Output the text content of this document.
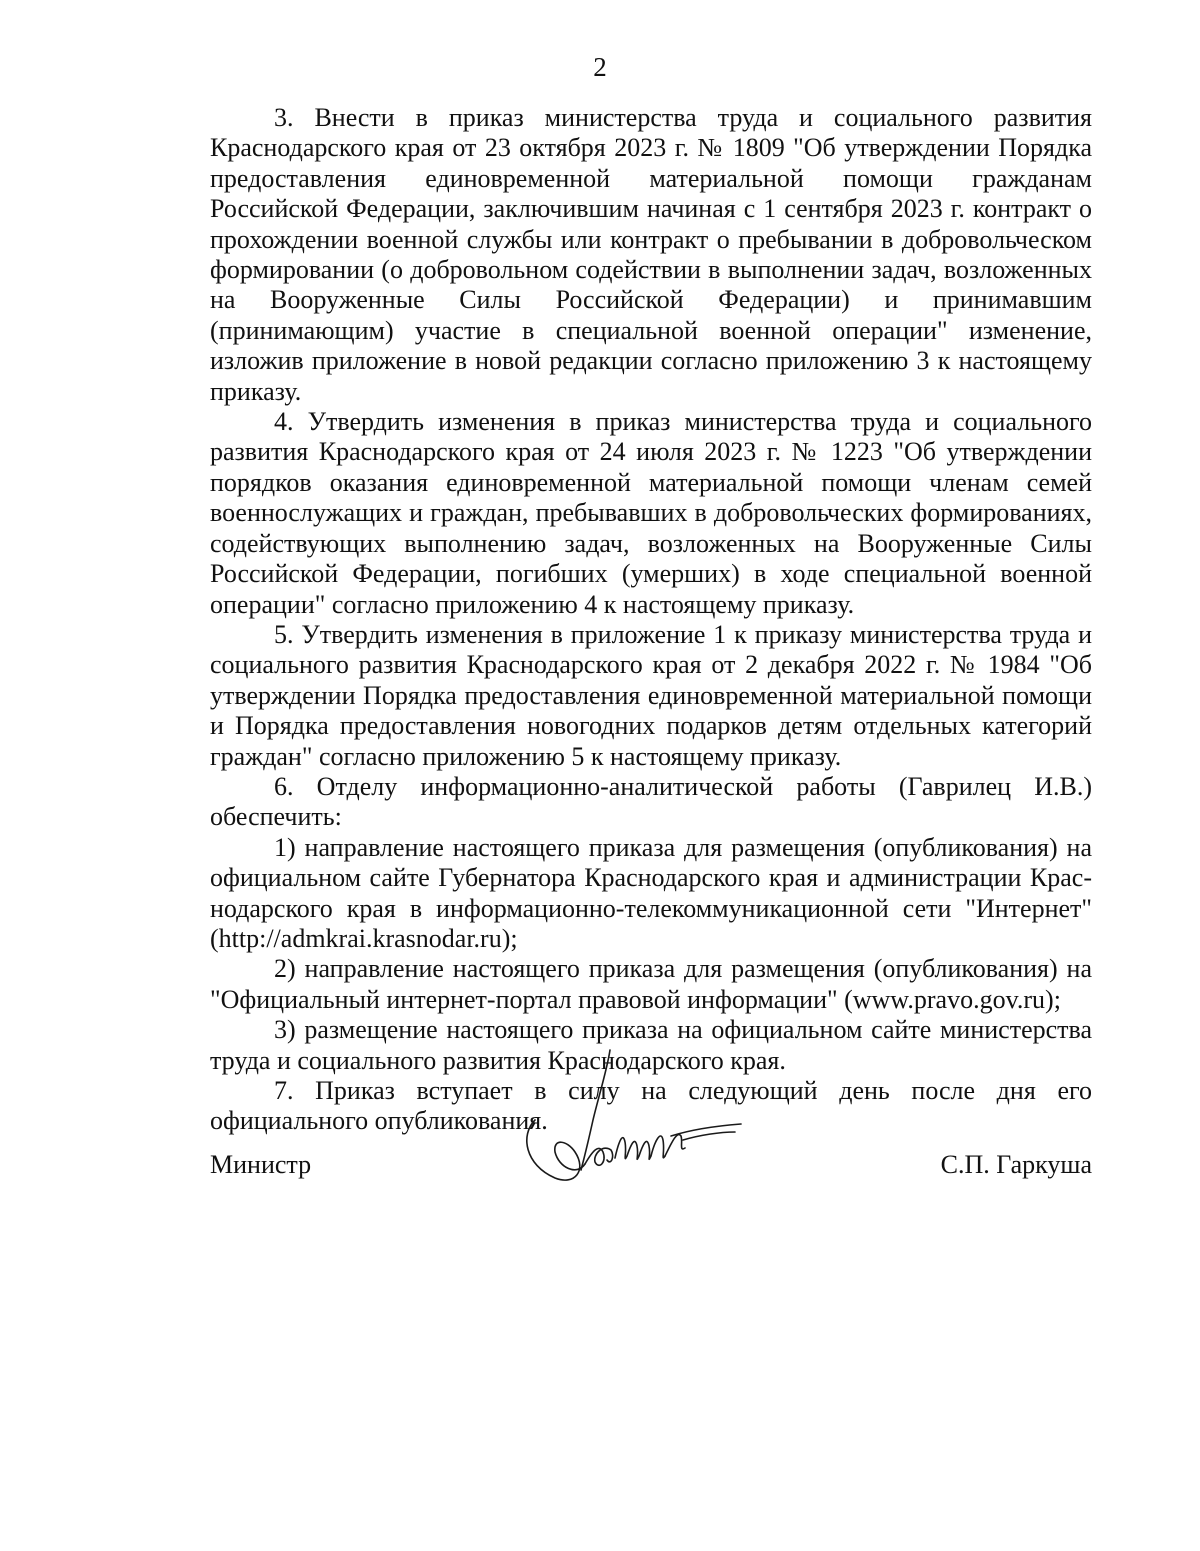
2

3. Внести в приказ министерства труда и социального развития Краснодарского края от 23 октября 2023 г. № 1809 "Об утверждении Порядка предоставления единовременной материальной помощи гражданам Российской Федерации, заключившим начиная с 1 сентября 2023 г. контракт о прохождении военной службы или контракт о пребывании в добровольческом формировании (о добровольном содействии в выполнении задач, возложенных на Вооруженные Силы Российской Федерации) и принимавшим (принимающим) участие в специальной военной операции" изменение, изложив приложение в новой редакции согласно приложению 3 к настоящему приказу.

4. Утвердить изменения в приказ министерства труда и социального развития Краснодарского края от 24 июля 2023 г. № 1223 "Об утверждении порядков оказания единовременной материальной помощи членам семей военнослужащих и граждан, пребывавших в добровольческих формированиях, содействующих выполнению задач, возложенных на Вооруженные Силы Российской Федерации, погибших (умерших) в ходе специальной военной операции" согласно приложению 4 к настоящему приказу.

5. Утвердить изменения в приложение 1 к приказу министерства труда и социального развития Краснодарского края от 2 декабря 2022 г. № 1984 "Об утверждении Порядка предоставления единовременной материальной помощи и Порядка предоставления новогодних подарков детям отдельных категорий граждан" согласно приложению 5 к настоящему приказу.

6. Отделу информационно-аналитической работы (Гаврилец И.В.) обеспечить:

1) направление настоящего приказа для размещения (опубликования) на официальном сайте Губернатора Краснодарского края и администрации Краснодарского края в информационно-телекоммуникационной сети "Интернет" (http://admkrai.krasnodar.ru);

2) направление настоящего приказа для размещения (опубликования) на "Официальный интернет-портал правовой информации" (www.pravo.gov.ru);

3) размещение настоящего приказа на официальном сайте министерства труда и социального развития Краснодарского края.

7. Приказ вступает в силу на следующий день после дня его официального опубликования.

Министр	С.П. Гаркуша
